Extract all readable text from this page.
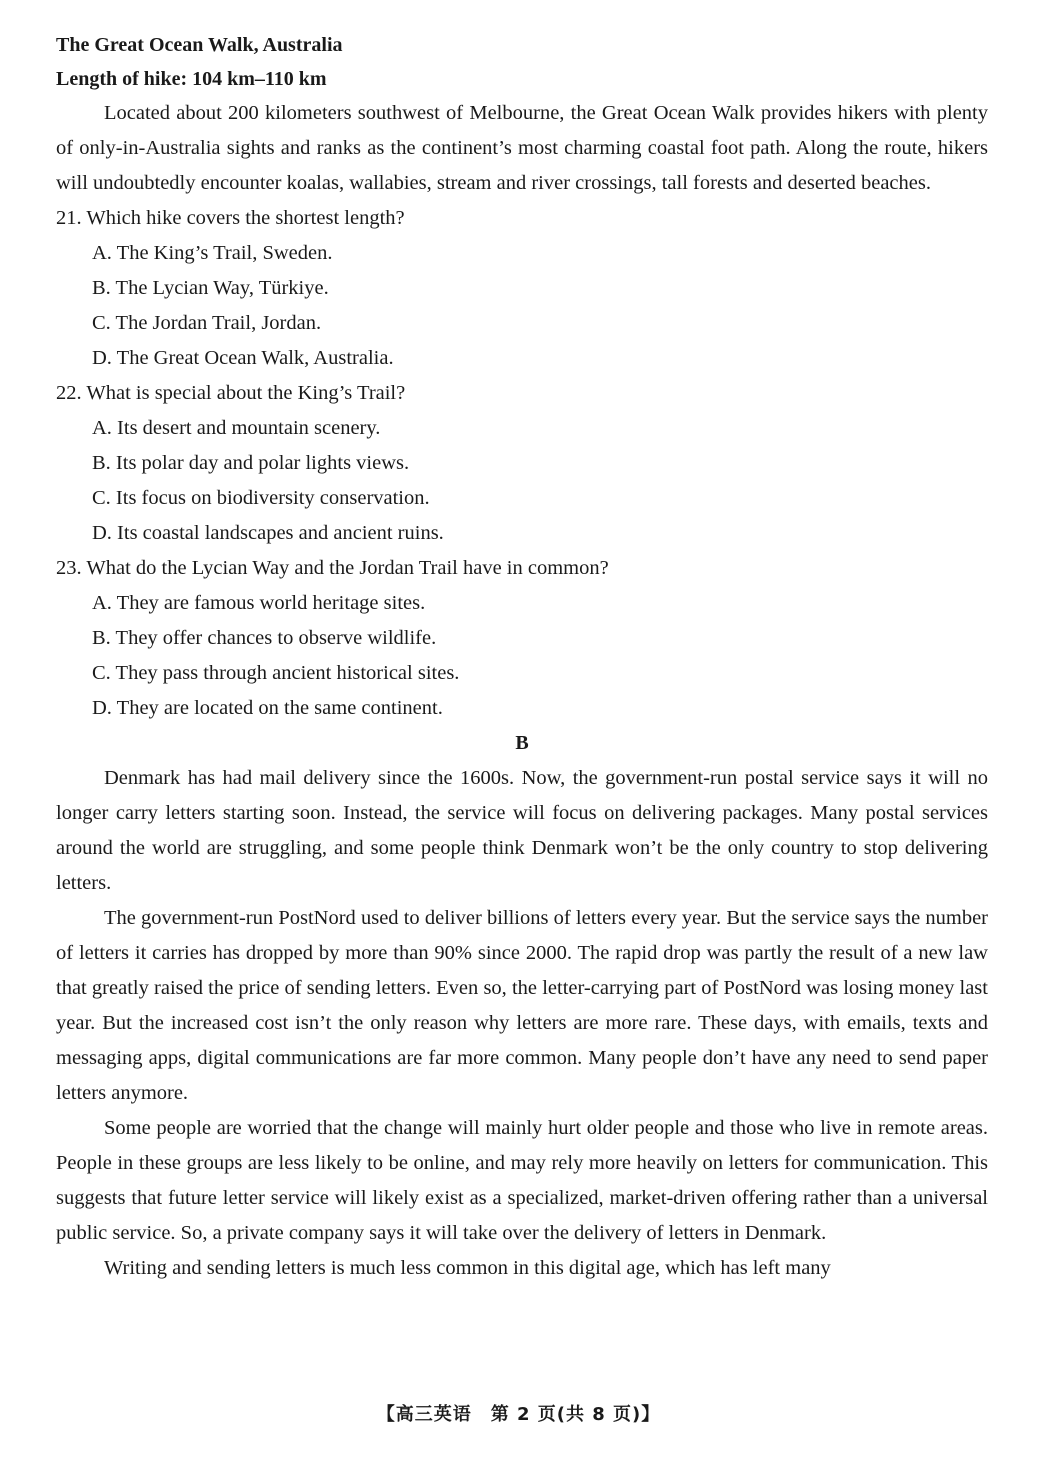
The Great Ocean Walk, Australia

Length of hike: 104 km–110 km

Located about 200 kilometers southwest of Melbourne, the Great Ocean Walk provides hikers with plenty of only-in-Australia sights and ranks as the continent’s most charming coastal foot path. Along the route, hikers will undoubtedly encounter koalas, wallabies, stream and river crossings, tall forests and deserted beaches.

21. Which hike covers the shortest length?

A. The King’s Trail, Sweden.

B. The Lycian Way, Türkiye.

C. The Jordan Trail, Jordan.

D. The Great Ocean Walk, Australia.

22. What is special about the King’s Trail?

A. Its desert and mountain scenery.

B. Its polar day and polar lights views.

C. Its focus on biodiversity conservation.

D. Its coastal landscapes and ancient ruins.

23. What do the Lycian Way and the Jordan Trail have in common?

A. They are famous world heritage sites.

B. They offer chances to observe wildlife.

C. They pass through ancient historical sites.

D. They are located on the same continent.

B

Denmark has had mail delivery since the 1600s. Now, the government-run postal service says it will no longer carry letters starting soon. Instead, the service will focus on delivering packages. Many postal services around the world are struggling, and some people think Denmark won’t be the only country to stop delivering letters.

The government-run PostNord used to deliver billions of letters every year. But the service says the number of letters it carries has dropped by more than 90% since 2000. The rapid drop was partly the result of a new law that greatly raised the price of sending letters. Even so, the letter-carrying part of PostNord was losing money last year. But the increased cost isn’t the only reason why letters are more rare. These days, with emails, texts and messaging apps, digital communications are far more common. Many people don’t have any need to send paper letters anymore.

Some people are worried that the change will mainly hurt older people and those who live in remote areas. People in these groups are less likely to be online, and may rely more heavily on letters for communication. This suggests that future letter service will likely exist as a specialized, market-driven offering rather than a universal public service. So, a private company says it will take over the delivery of letters in Denmark.

Writing and sending letters is much less common in this digital age, which has left many

【高三英语　第 2 页(共 8 页)】
